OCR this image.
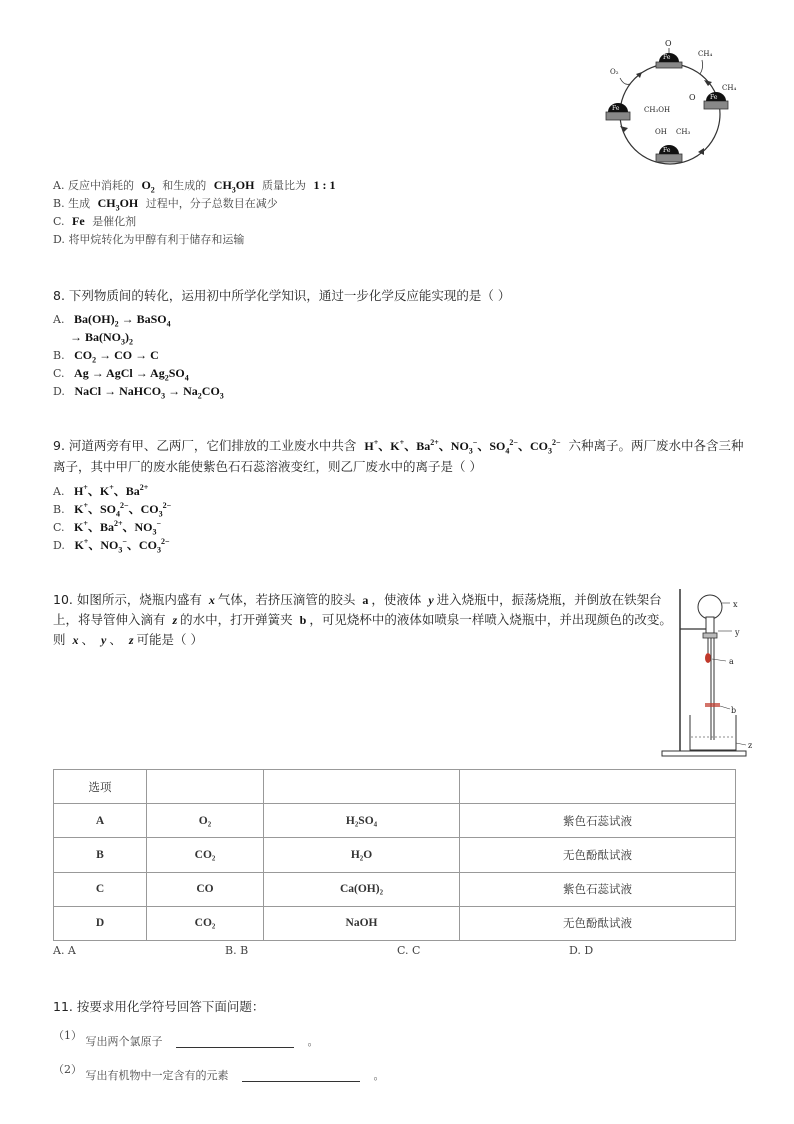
Fe
O
Fe
Fe
Fe
CH₄
CH₄
O
O₂
CH₃OH
OH CH₃
A. 反应中消耗的 $O_2$ 和生成的 $CH_3OH$ 质量比为 1 : 1
B. 生成 $CH_3OH$ 过程中，分子总数目在减少
C. Fe 是催化剂
D. 将甲烷转化为甲醇有利于储存和运输
8. 下列物质间的转化，运用初中所学化学知识，通过一步化学反应能实现的是（ ）
A. $Ba(OH)_2$ → BaSO$_4$
→ $Ba(NO_3)_2$
B. $CO_2$ → CO → C
C. Ag → AgCl → $Ag_2SO_4$
D. NaCl → NaHCO$_3$ → $Na_2CO_3$
9. 河道两旁有甲、乙两厂，它们排放的工业废水中共含 H+、K+、$Ba^{2+}$、$NO_3^-$、$SO_4^{2-}$、$CO_3^{2-}$ 六种离子。两厂废水中各含三种
离子，其中甲厂的废水能使紫色石石蕊溶液变红，则乙厂废水中的离子是（ ）
A. H+、K+、$Ba^{2+}$
B. K+、$SO_4^{2-}$、$CO_3^{2-}$
C. K+、$Ba^{2+}$、$NO_3^-$
D. K+、$NO_3^-$、$CO_3^{2-}$
10. 如图所示，烧瓶内盛有 x 气体，若挤压滴管的胶头 a ，使液体 y 进入烧瓶中，振荡烧瓶，并倒放在铁架台
上，将导管伸入滴有 z 的水中，打开弹簧夹 b ，可见烧杯中的液体如喷泉一样喷入烧瓶中，并出现颜色的改变。
则 x 、 y 、 z 可能是（ ）
x
y
a
b
z
选项			
A	O₂	H₂SO₄	紫色石蕊试液
B	CO₂	H₂O	无色酚酞试液
C	CO	Ca(OH)₂	紫色石蕊试液
D	CO₂	NaOH	无色酚酞试液
A. A	B. B	C. C	D. D
11. 按要求用化学符号回答下面问题：
（1） 写出两个氯原子	。
（2） 写出有机物中一定含有的元素	。
